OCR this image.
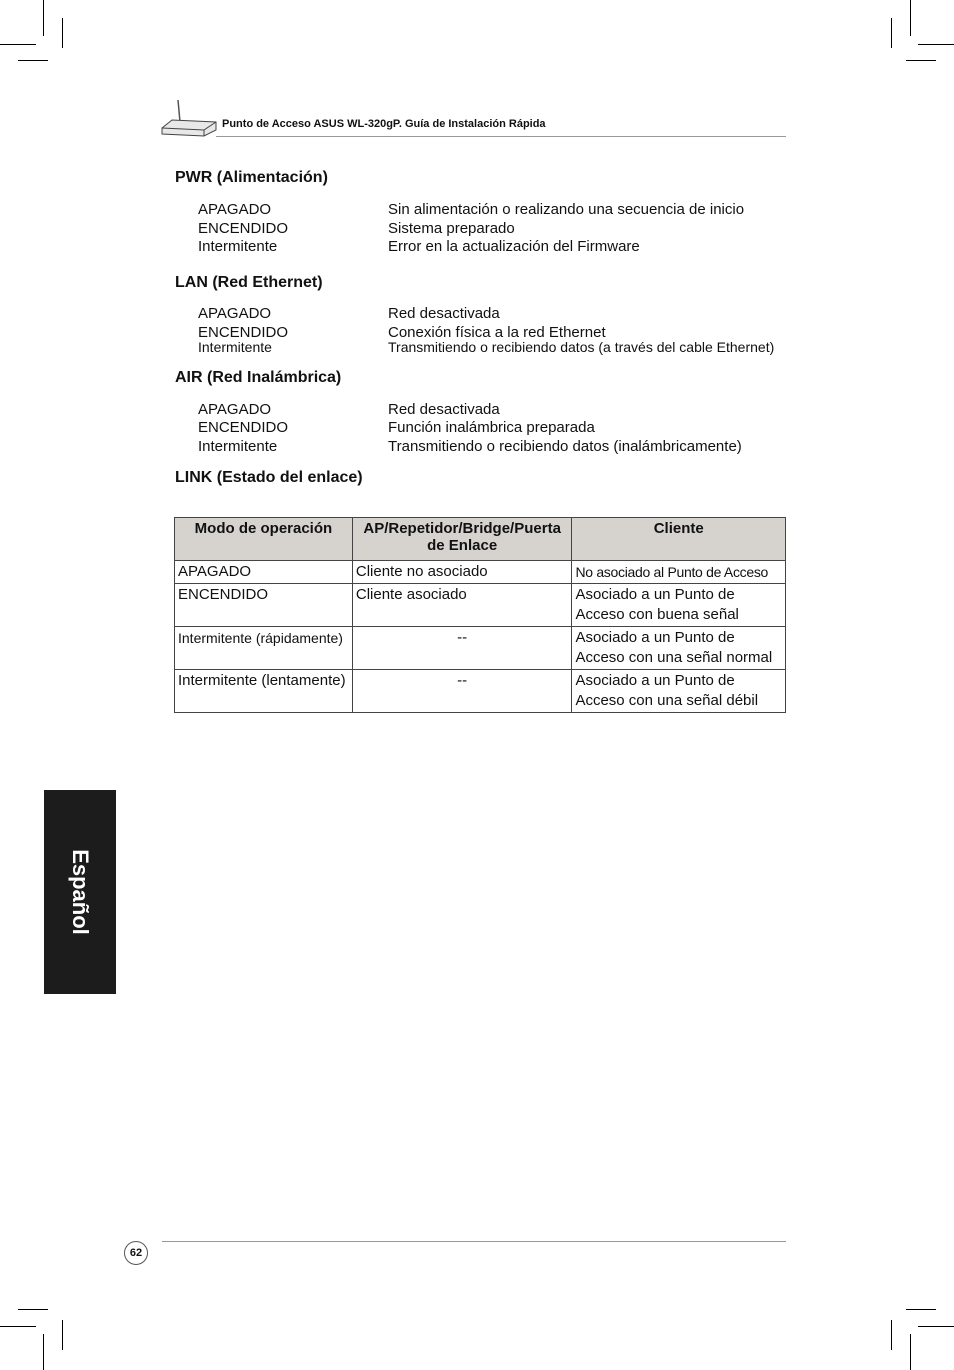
Punto de Acceso ASUS WL-320gP. Guía de Instalación Rápida
PWR (Alimentación)
APAGADO	Sin alimentación o realizando una secuencia de inicio
ENCENDIDO	Sistema preparado
Intermitente	Error en la actualización del Firmware
LAN (Red Ethernet)
APAGADO	Red desactivada
ENCENDIDO	Conexión física a la red Ethernet
Intermitente	Transmitiendo o recibiendo datos (a través del cable Ethernet)
AIR (Red Inalámbrica)
APAGADO	Red desactivada
ENCENDIDO	Función inalámbrica preparada
Intermitente	Transmitiendo o recibiendo datos (inalámbricamente)
LINK (Estado del enlace)
Modo de operación	AP/Repetidor/Bridge/Puerta de Enlace	Cliente
APAGADO	Cliente no asociado	No asociado al Punto de Acceso
ENCENDIDO	Cliente asociado	Asociado a un Punto de Acceso con buena señal
Intermitente (rápidamente)	--	Asociado a un Punto de Acceso con una señal normal
Intermitente (lentamente)	--	Asociado a un Punto de Acceso con una señal débil
Español
62
